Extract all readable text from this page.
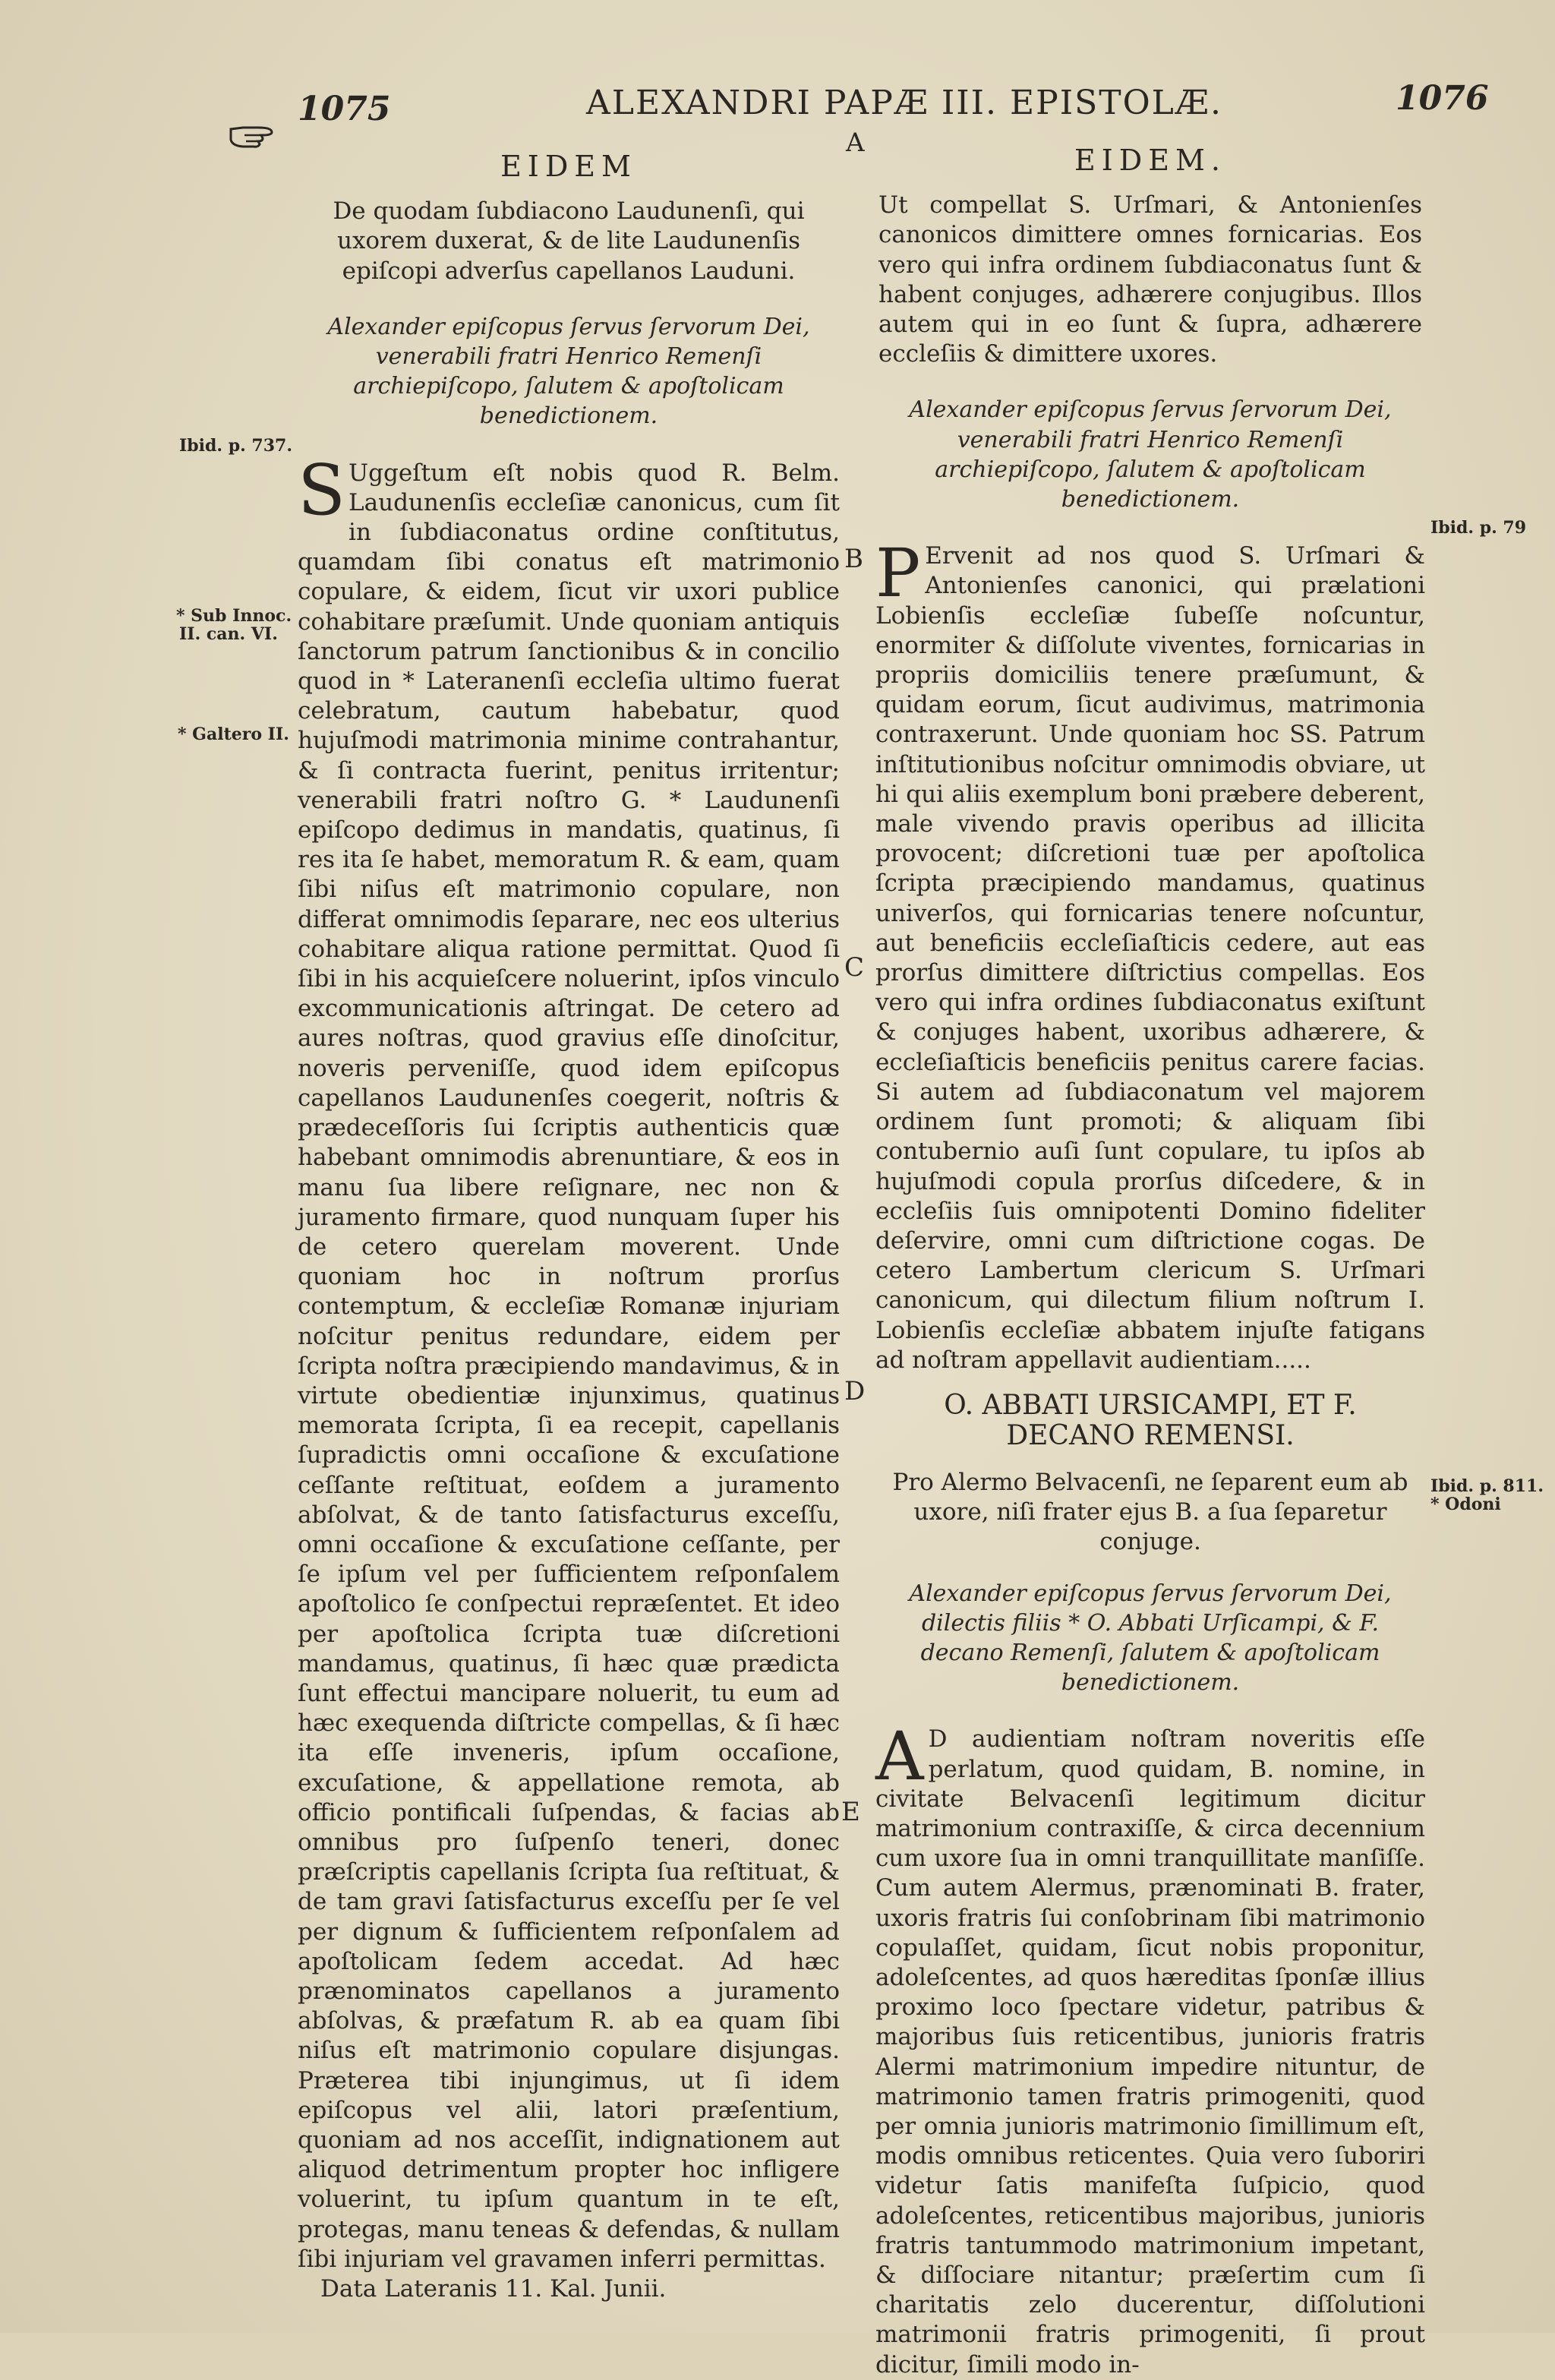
1075	ALEXANDRI PAPÆ III. EPISTOLÆ.	1076
A
B
C
D
E
Ibid. p. 737.
* Sub Innoc.
II. can. VI.
* Galtero II.
Ibid. p. 79
Ibid. p. 811.
* Odoni
EIDEM
De quodam ſubdiacono Laudunenſi, qui uxorem duxerat, & de lite Laudunenſis epiſcopi adverſus capellanos Lauduni.
Alexander epiſcopus ſervus ſervorum Dei, venerabili fratri Henrico Remenſi archiepiſcopo, ſalutem & apoſtolicam benedictionem.
S Uggeſtum eſt nobis quod R. Belm. Laudunenſis eccleſiæ canonicus, cum ſit in ſubdiaconatus ordine conſtitutus, quamdam ſibi conatus eſt matrimonio copulare, & eidem, ſicut vir uxori publice cohabitare præſumit. Unde quoniam antiquis ſanctorum patrum ſanctionibus & in concilio quod in * Lateranenſi eccleſia ultimo fuerat celebratum, cautum habebatur, quod hujuſmodi matrimonia minime contrahantur, & ſi contracta fuerint, penitus irritentur; venerabili fratri noſtro G. * Laudunenſi epiſcopo dedimus in mandatis, quatinus, ſi res ita ſe habet, memoratum R. & eam, quam ſibi niſus eſt matrimonio copulare, non differat omnimodis ſeparare, nec eos ulterius cohabitare aliqua ratione permittat. Quod ſi ſibi in his acquieſcere noluerint, ipſos vinculo excommunicationis aſtringat. De cetero ad aures noſtras, quod gravius eſſe dinoſcitur, noveris perveniſſe, quod idem epiſcopus capellanos Laudunenſes coegerit, noſtris & prædeceſſoris ſui ſcriptis authenticis quæ habebant omnimodis abrenuntiare, & eos in manu ſua libere reſignare, nec non & juramento firmare, quod nunquam ſuper his de cetero querelam moverent. Unde quoniam hoc in noſtrum prorſus contemptum, & eccleſiæ Romanæ injuriam noſcitur penitus redundare, eidem per ſcripta noſtra præcipiendo mandavimus, & in virtute obedientiæ injunximus, quatinus memorata ſcripta, ſi ea recepit, capellanis ſupradictis omni occaſione & excuſatione ceſſante reſtituat, eoſdem a juramento abſolvat, & de tanto ſatisfacturus exceſſu, omni occaſione & excuſatione ceſſante, per ſe ipſum vel per ſufficientem reſponſalem apoſtolico ſe conſpectui repræſentet. Et ideo per apoſtolica ſcripta tuæ diſcretioni mandamus, quatinus, ſi hæc quæ prædicta ſunt effectui mancipare noluerit, tu eum ad hæc exequenda diſtricte compellas, & ſi hæc ita eſſe inveneris, ipſum occaſione, excuſatione, & appellatione remota, ab officio pontificali ſuſpendas, & facias ab omnibus pro ſuſpenſo teneri, donec præſcriptis capellanis ſcripta ſua reſtituat, & de tam gravi ſatisfacturus exceſſu per ſe vel per dignum & ſufficientem reſponſalem ad apoſtolicam ſedem accedat. Ad hæc prænominatos capellanos a juramento abſolvas, & præfatum R. ab ea quam ſibi niſus eſt matrimonio copulare disjungas. Præterea tibi injungimus, ut ſi idem epiſcopus vel alii, latori præſentium, quoniam ad nos acceſſit, indignationem aut aliquod detrimentum propter hoc infligere voluerint, tu ipſum quantum in te eſt, protegas, manu teneas & defendas, & nullam ſibi injuriam vel gravamen inferri permittas.
Data Lateranis 11. Kal. Junii.
EIDEM.
Ut compellat S. Urſmari, & Antonienſes canonicos dimittere omnes fornicarias. Eos vero qui infra ordinem ſubdiaconatus ſunt & habent conjuges, adhærere conjugibus. Illos autem qui in eo ſunt & ſupra, adhærere eccleſiis & dimittere uxores.
Alexander epiſcopus ſervus ſervorum Dei, venerabili fratri Henrico Remenſi archiepiſcopo, ſalutem & apoſtolicam benedictionem.
P Ervenit ad nos quod S. Urſmari & Antonienſes canonici, qui prælationi Lobienſis eccleſiæ ſubeſſe noſcuntur, enormiter & diſſolute viventes, fornicarias in propriis domiciliis tenere præſumunt, & quidam eorum, ſicut audivimus, matrimonia contraxerunt. Unde quoniam hoc SS. Patrum inſtitutionibus noſcitur omnimodis obviare, ut hi qui aliis exemplum boni præbere deberent, male vivendo pravis operibus ad illicita provocent; diſcretioni tuæ per apoſtolica ſcripta præcipiendo mandamus, quatinus univerſos, qui fornicarias tenere noſcuntur, aut beneficiis eccleſiaſticis cedere, aut eas prorſus dimittere diſtrictius compellas. Eos vero qui infra ordines ſubdiaconatus exiſtunt & conjuges habent, uxoribus adhærere, & eccleſiaſticis beneficiis penitus carere facias. Si autem ad ſubdiaconatum vel majorem ordinem ſunt promoti; & aliquam ſibi contubernio auſi ſunt copulare, tu ipſos ab hujuſmodi copula prorſus diſcedere, & in eccleſiis ſuis omnipotenti Domino fideliter deſervire, omni cum diſtrictione cogas. De cetero Lambertum clericum S. Urſmari canonicum, qui dilectum filium noſtrum I. Lobienſis eccleſiæ abbatem injuſte fatigans ad noſtram appellavit audientiam.....
O. ABBATI URSICAMPI, ET F. DECANO REMENSI.
Pro Alermo Belvacenſi, ne ſeparent eum ab uxore, niſi frater ejus B. a ſua ſeparetur conjuge.
Alexander epiſcopus ſervus ſervorum Dei, dilectis filiis * O. Abbati Urſicampi, & F. decano Remenſi, ſalutem & apoſtolicam benedictionem.
A D audientiam noſtram noveritis eſſe perlatum, quod quidam, B. nomine, in civitate Belvacenſi legitimum dicitur matrimonium contraxiſſe, & circa decennium cum uxore ſua in omni tranquillitate manſiſſe. Cum autem Alermus, prænominati B. frater, uxoris fratris ſui conſobrinam ſibi matrimonio copulaſſet, quidam, ſicut nobis proponitur, adoleſcentes, ad quos hæreditas ſponſæ illius proximo loco ſpectare videtur, patribus & majoribus ſuis reticentibus, junioris fratris Alermi matrimonium impedire nituntur, de matrimonio tamen fratris primogeniti, quod per omnia junioris matrimonio ſimillimum eſt, modis omnibus reticentes. Quia vero ſuboriri videtur ſatis manifeſta ſuſpicio, quod adoleſcentes, reticentibus majoribus, junioris fratris tantummodo matrimonium impetant, & diſſociare nitantur; præſertim cum ſi charitatis zelo ducerentur, diſſolutioni matrimonii fratris primogeniti, ſi prout dicitur, ſimili modo in-
